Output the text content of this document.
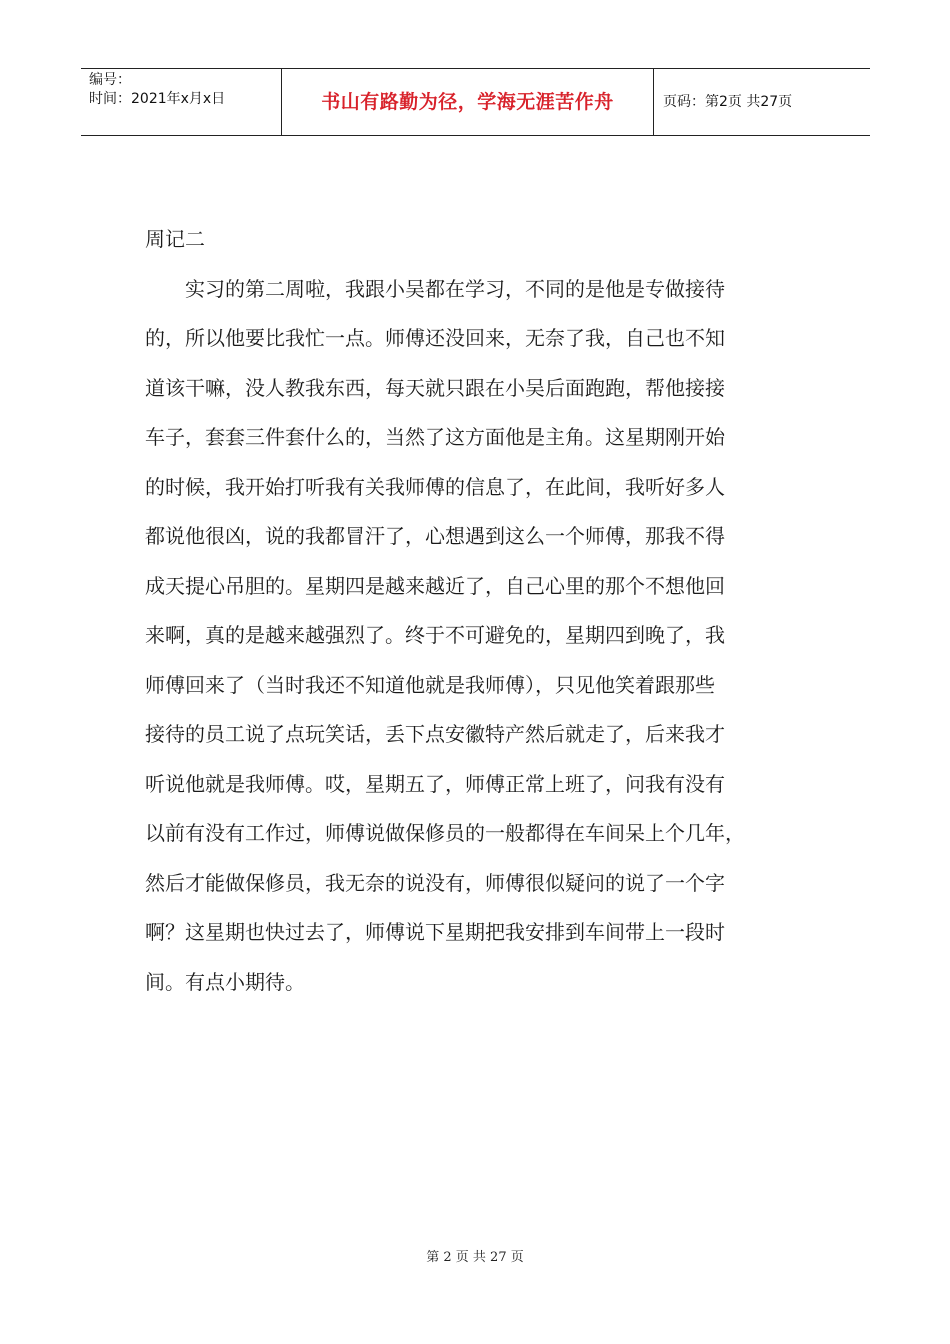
编号：
时间：2021年x月x日	书山有路勤为径，学海无涯苦作舟	页码：第2页 共27页

周记二

　　实习的第二周啦，我跟小吴都在学习，不同的是他是专做接待

的，所以他要比我忙一点。师傅还没回来，无奈了我，自己也不知

道该干嘛，没人教我东西，每天就只跟在小吴后面跑跑，帮他接接

车子，套套三件套什么的，当然了这方面他是主角。这星期刚开始

的时候，我开始打听我有关我师傅的信息了，在此间，我听好多人

都说他很凶，说的我都冒汗了，心想遇到这么一个师傅，那我不得

成天提心吊胆的。星期四是越来越近了，自己心里的那个不想他回

来啊，真的是越来越强烈了。终于不可避免的，星期四到晚了，我

师傅回来了（当时我还不知道他就是我师傅），只见他笑着跟那些

接待的员工说了点玩笑话，丢下点安徽特产然后就走了，后来我才

听说他就是我师傅。哎，星期五了，师傅正常上班了，问我有没有

以前有没有工作过，师傅说做保修员的一般都得在车间呆上个几年，

然后才能做保修员，我无奈的说没有，师傅很似疑问的说了一个字

啊？这星期也快过去了，师傅说下星期把我安排到车间带上一段时

间。有点小期待。

第 2 页 共 27 页
